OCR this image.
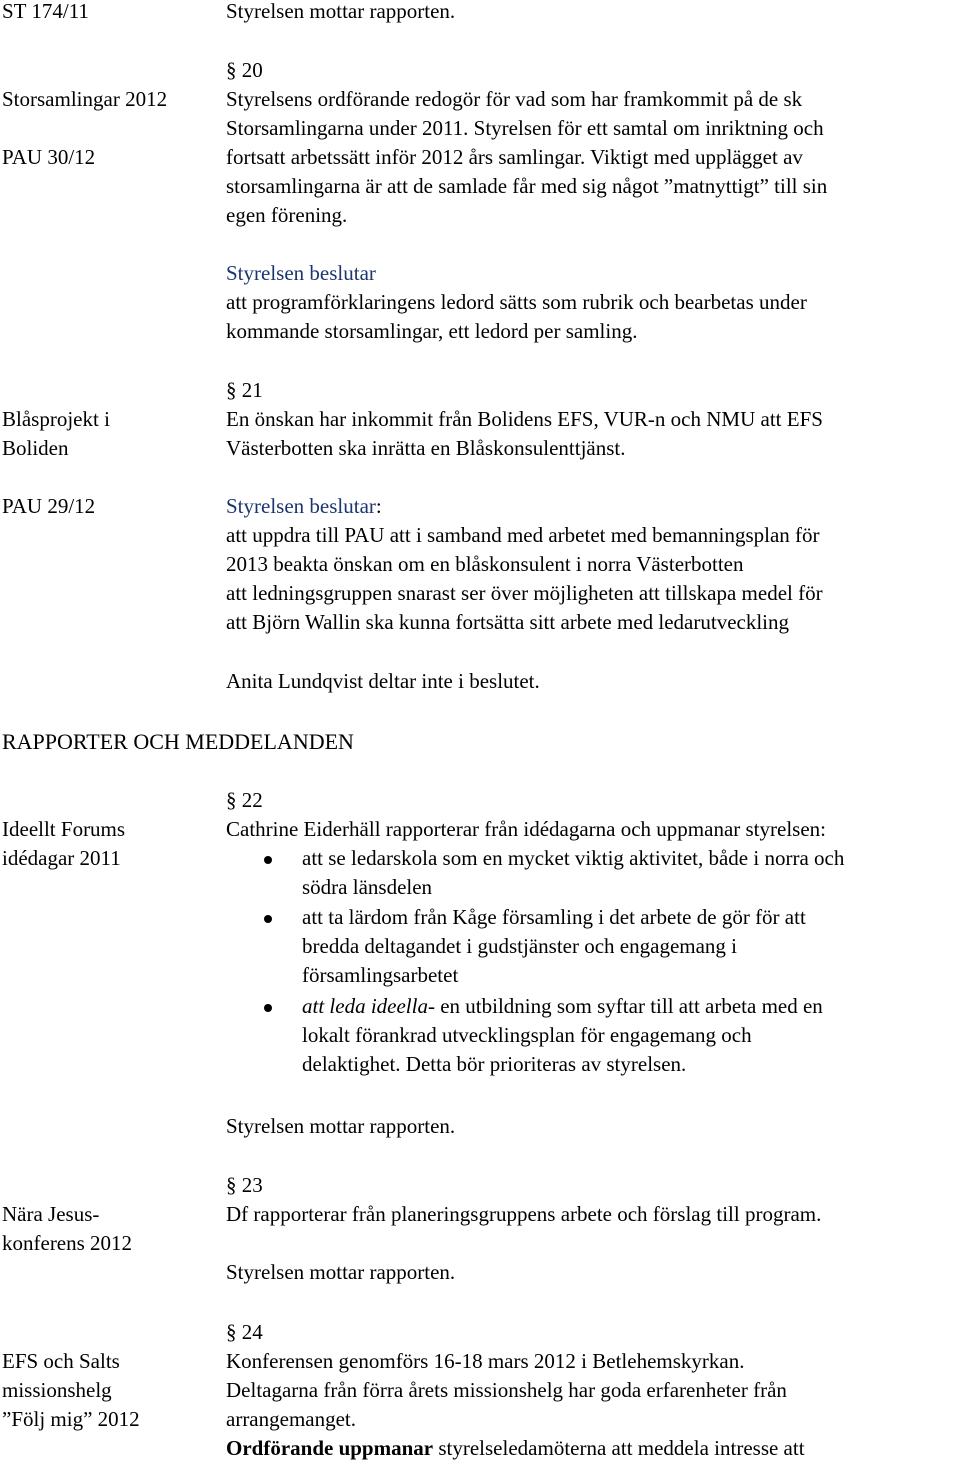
ST 174/11

Storsamlingar 2012

PAU 30/12

Blåsprojekt i

Boliden

PAU 29/12

Ideellt Forums

idédagar 2011

Nära Jesus-

konferens 2012

EFS och Salts

missionshelg

”Följ mig” 2012

Styrelsen mottar rapporten.

§ 20

Styrelsens ordförande redogör för vad som har framkommit på de sk

Storsamlingarna under 2011. Styrelsen för ett samtal om inriktning och

fortsatt arbetssätt inför 2012 års samlingar. Viktigt med upplägget av

storsamlingarna är att de samlade får med sig något ”matnyttigt” till sin

egen förening.

Styrelsen beslutar

att programförklaringens ledord sätts som rubrik och bearbetas under

kommande storsamlingar, ett ledord per samling.

§ 21

En önskan har inkommit från Bolidens EFS, VUR-n och NMU att EFS

Västerbotten ska inrätta en Blåskonsulenttjänst.

Styrelsen beslutar:

att uppdra till PAU att i samband med arbetet med bemanningsplan för

2013 beakta önskan om en blåskonsulent i norra Västerbotten

att ledningsgruppen snarast ser över möjligheten att tillskapa medel för

att Björn Wallin ska kunna fortsätta sitt arbete med ledarutveckling

Anita Lundqvist deltar inte i beslutet.

RAPPORTER OCH MEDDELANDEN

§ 22

Cathrine Eiderhäll rapporterar från idédagarna och uppmanar styrelsen:

att se ledarskola som en mycket viktig aktivitet, både i norra och

södra länsdelen

att ta lärdom från Kåge församling i det arbete de gör för att

bredda deltagandet i gudstjänster och engagemang i

församlingsarbetet

att leda ideella- en utbildning som syftar till att arbeta med en

lokalt förankrad utvecklingsplan för engagemang och

delaktighet. Detta bör prioriteras av styrelsen.

Styrelsen mottar rapporten.

§ 23

Df rapporterar från planeringsgruppens arbete och förslag till program.

Styrelsen mottar rapporten.

§ 24

Konferensen genomförs 16-18 mars 2012 i Betlehemskyrkan.

Deltagarna från förra årets missionshelg har goda erfarenheter från

arrangemanget.

Ordförande uppmanar styrelseledamöterna att meddela intresse att
